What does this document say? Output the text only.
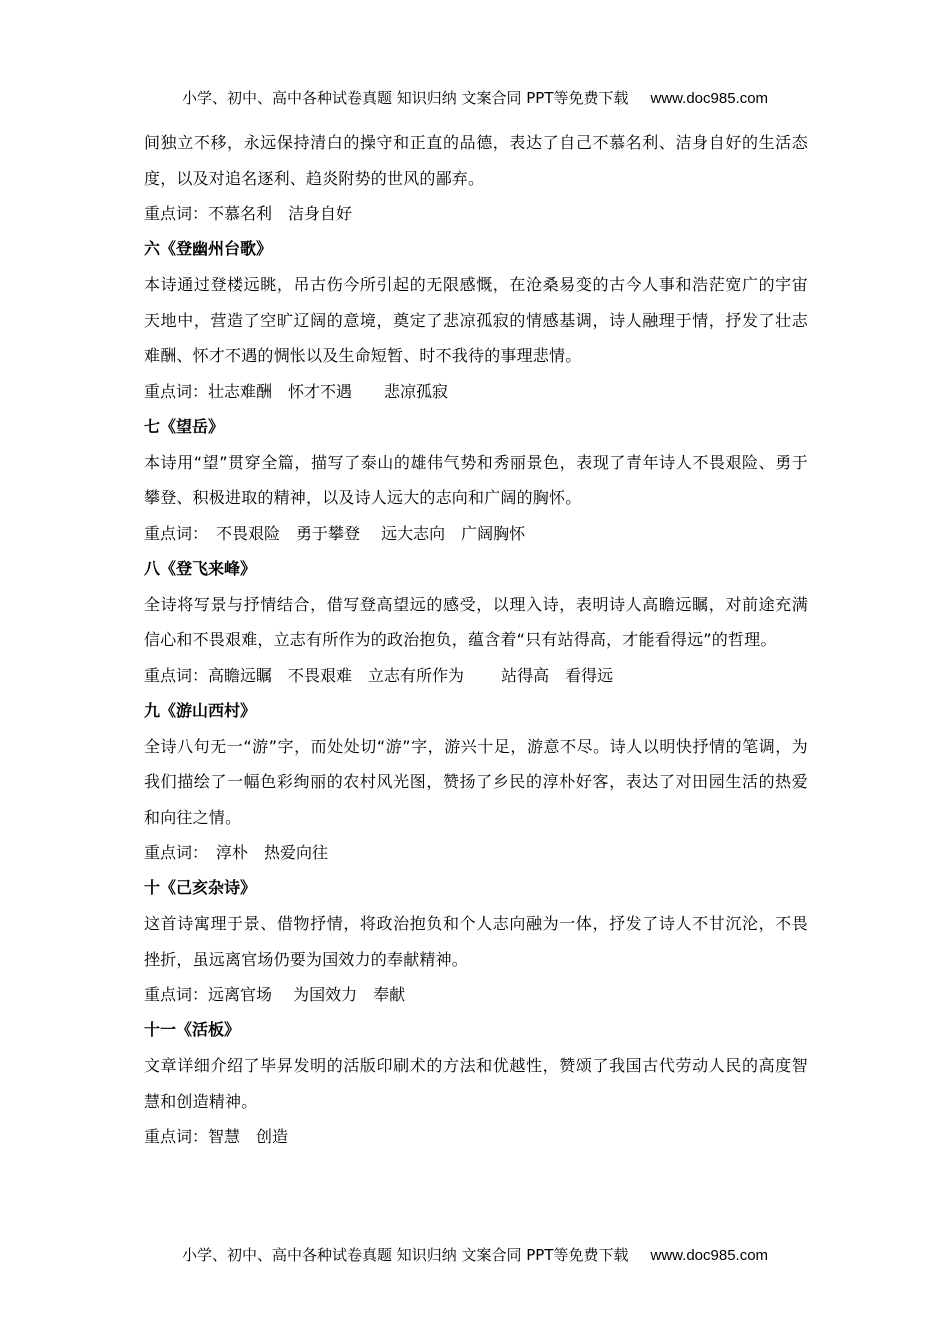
小学、初中、高中各种试卷真题 知识归纳 文案合同 PPT等免费下载 www.doc985.com

间独立不移，永远保持清白的操守和正直的品德，表达了自己不慕名利、洁身自好的生活态度，以及对追名逐利、趋炎附势的世风的鄙弃。

重点词：不慕名利　洁身自好

六《登幽州台歌》

本诗通过登楼远眺，吊古伤今所引起的无限感慨，在沧桑易变的古今人事和浩茫宽广的宇宙天地中，营造了空旷辽阔的意境，奠定了悲凉孤寂的情感基调，诗人融理于情，抒发了壮志难酬、怀才不遇的惆怅以及生命短暂、时不我待的事理悲情。

重点词：壮志难酬　怀才不遇　　悲凉孤寂

七《望岳》

本诗用“望”贯穿全篇，描写了泰山的雄伟气势和秀丽景色，表现了青年诗人不畏艰险、勇于攀登、积极进取的精神，以及诗人远大的志向和广阔的胸怀。

重点词：　不畏艰险　勇于攀登　 远大志向　广阔胸怀

八《登飞来峰》

全诗将写景与抒情结合，借写登高望远的感受，以理入诗，表明诗人高瞻远瞩，对前途充满信心和不畏艰难，立志有所作为的政治抱负，蕴含着“只有站得高，才能看得远”的哲理。

重点词：高瞻远瞩　不畏艰难　立志有所作为　　 站得高　看得远

九《游山西村》

全诗八句无一“游”字，而处处切“游”字，游兴十足，游意不尽。诗人以明快抒情的笔调，为我们描绘了一幅色彩绚丽的农村风光图，赞扬了乡民的淳朴好客，表达了对田园生活的热爱和向往之情。

重点词：　淳朴　热爱向往

十《己亥杂诗》

这首诗寓理于景、借物抒情，将政治抱负和个人志向融为一体，抒发了诗人不甘沉沦，不畏挫折，虽远离官场仍要为国效力的奉献精神。

重点词：远离官场　 为国效力　奉献

十一《活板》

文章详细介绍了毕昇发明的活版印刷术的方法和优越性，赞颂了我国古代劳动人民的高度智慧和创造精神。

重点词：智慧　创造

小学、初中、高中各种试卷真题 知识归纳 文案合同 PPT等免费下载 www.doc985.com
